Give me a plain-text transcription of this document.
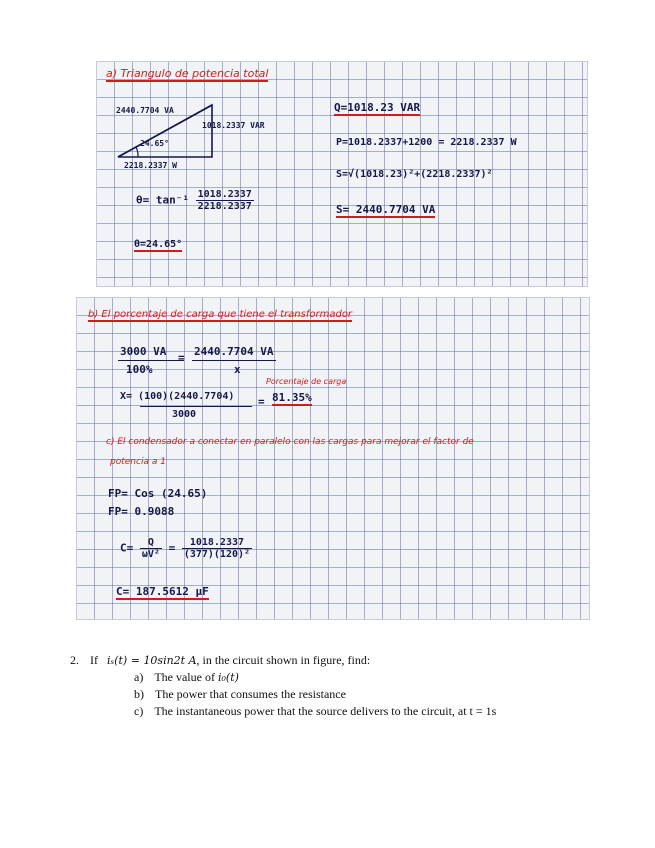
a) Triangulo de potencia total
2440.7704 VA
1018.2337 VAR
24.65°
2218.2337 W
$\theta= \tan^{-1} \frac{1018.2337}{2218.2337}$
θ=24.65°
Q=1018.23 VAR
P=1018.2337+1200 = 2218.2337 W
S=√(1018.23)²+(2218.2337)²
S= 2440.7704 VA
b) El porcentaje de carga que tiene el transformador
3000 VA = 2440.7704 VA
100%	x
Porcentaje de carga
X= (100)(2440.7704)
3000
= 81.35%
c) El condensador a conectar en paralelo con las cargas para mejorar el factor de
potencia a 1
FP= Cos (24.65)
FP= 0.9088
$C= \frac{Q}{\text{ωV²}} = \frac{1018.2337}{\text{(377)(120)²}}$
C= 187.5612 μF
2. If iₛ(t) = 10sin2t A, in the circuit shown in figure, find:
a) The value of i₀(t)
b) The power that consumes the resistance
c) The instantaneous power that the source delivers to the circuit, at t = 1s
